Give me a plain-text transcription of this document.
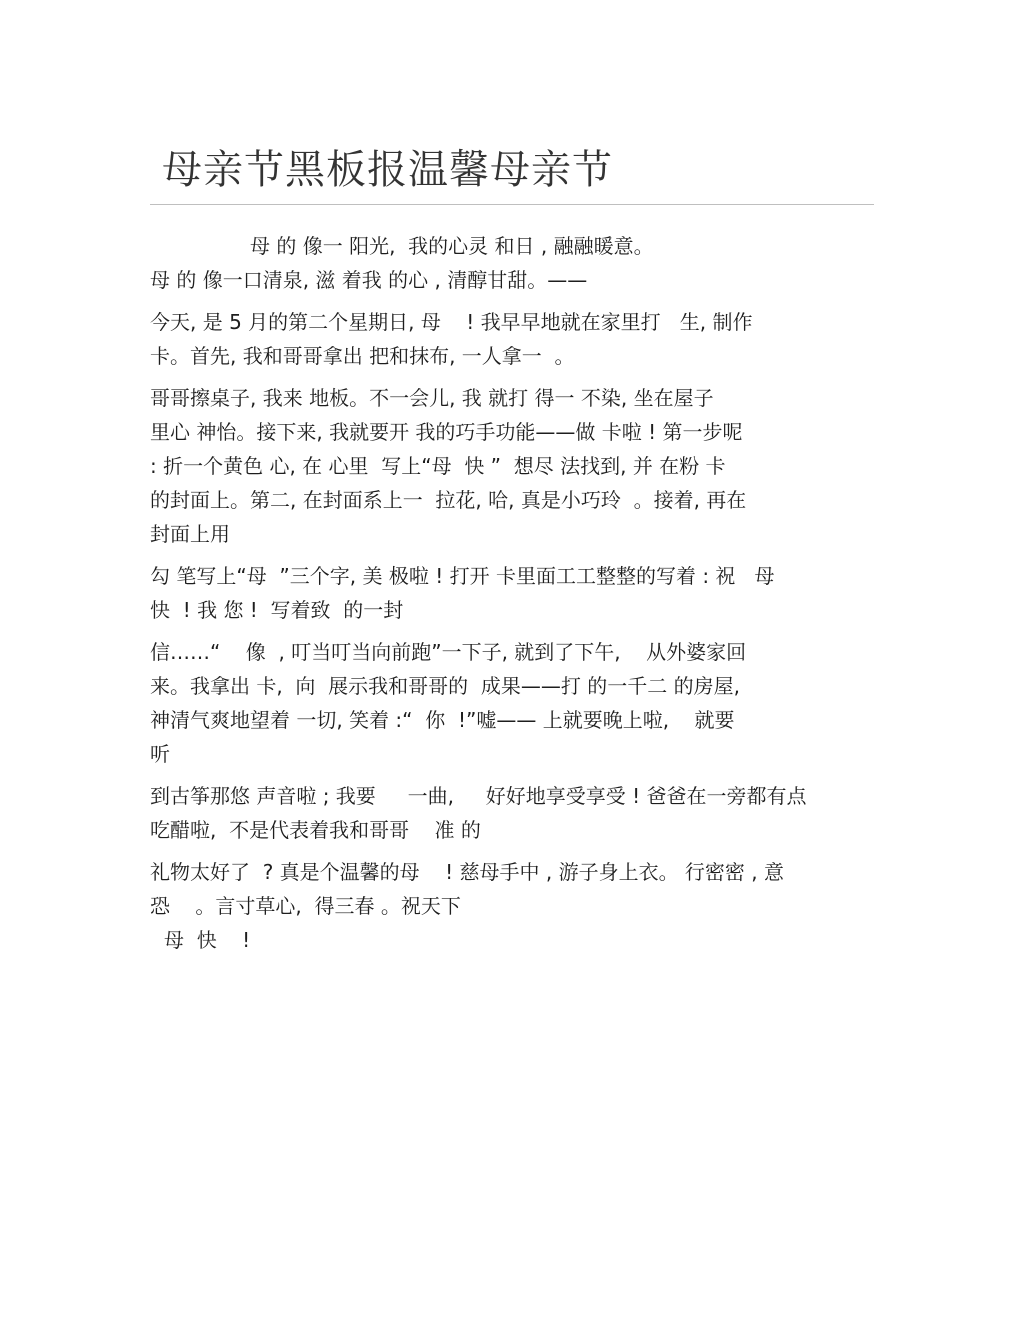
母亲节黑板报温馨母亲节

母 的 像一 阳光,  我的心灵 和日 , 融融暖意。
母 的 像一口清泉, 滋 着我 的心 , 清醇甘甜。——

今天, 是 5 月的第二个星期日, 母    ! 我早早地就在家里打   生, 制作
卡。首先, 我和哥哥拿出 把和抹布, 一人拿一  。

哥哥擦桌子, 我来 地板。不一会儿, 我 就打 得一 不染, 坐在屋子
里心 神怡。接下来, 我就要开 我的巧手功能——做 卡啦 ! 第一步呢
: 折一个黄色 心, 在 心里  写上“母  快 ”  想尽 法找到, 并 在粉 卡
的封面上。第二, 在封面系上一  拉花, 哈, 真是小巧玲  。接着, 再在
封面上用

勾 笔写上“母  ”三个字, 美 极啦 ! 打开 卡里面工工整整的写着 : 祝   母
快  ! 我 您 !  写着致  的一封

信……“    像  , 叮当叮当向前跑”一下子, 就到了下午,    从外婆家回
来。我拿出 卡,  向  展示我和哥哥的  成果——打 的一千二 的房屋,
神清气爽地望着 一切, 笑着 :“  你  !”嘘—— 上就要晚上啦,    就要
听

到古筝那悠 声音啦 ; 我要     一曲,     好好地享受享受 ! 爸爸在一旁都有点
吃醋啦,  不是代表着我和哥哥    准 的

礼物太好了  ? 真是个温馨的母    ! 慈母手中 , 游子身上衣。 行密密 , 意
恐    。言寸草心,  得三春 。祝天下
母  快    !
